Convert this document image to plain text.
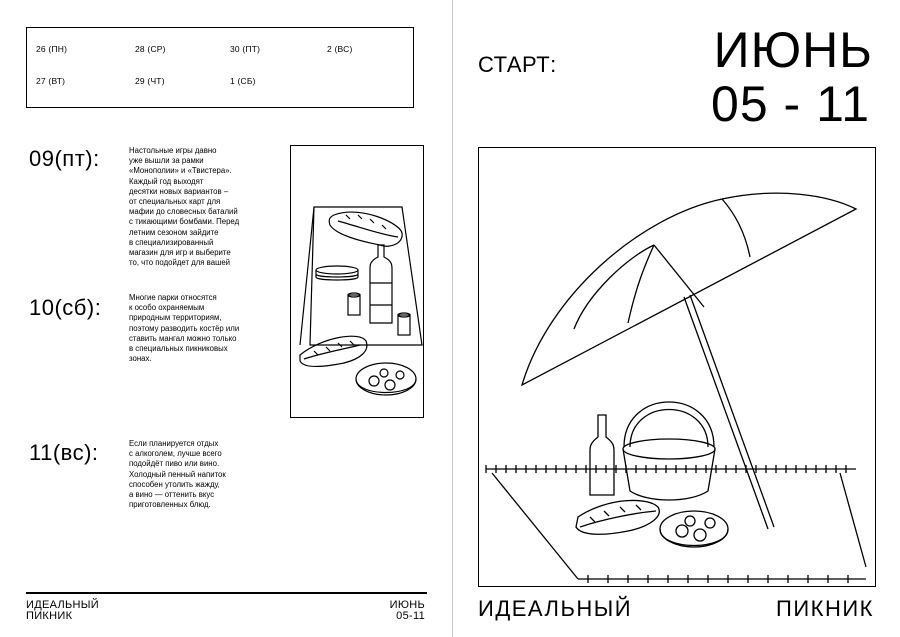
26 (ПН)	28 (СР)	30 (ПТ)	2 (ВС)
27 (ВТ)	29 (ЧТ)	1 (СБ)
09(пт):	Настольные игры давно
уже вышли за рамки
«Монополии» и «Твистера».
Каждый год выходят
десятки новых вариантов –
от специальных карт для
мафии до словесных баталий
с тикающими бомбами. Перед
летним сезоном зайдите
в специализированный
магазин для игр и выберите
то, что подойдет для вашей
10(сб):	Многие парки относятся
к особо охраняемым
природным территориям,
поэтому разводить костёр или
ставить мангал можно только
в специальных пикниковых
зонах.
11(вс):	Если планируется отдых
с алкоголем, лучше всего
подойдёт пиво или вино.
Холодный пенный напиток
способен утолить жажду,
а вино — оттенить вкус
приготовленных блюд.
ИДЕАЛЬНЫЙ
ПИКНИК
ИЮНЬ
05-11
СТАРТ:	ИЮНЬ
05 - 11
ИДЕАЛЬНЫЙ	ПИКНИК
